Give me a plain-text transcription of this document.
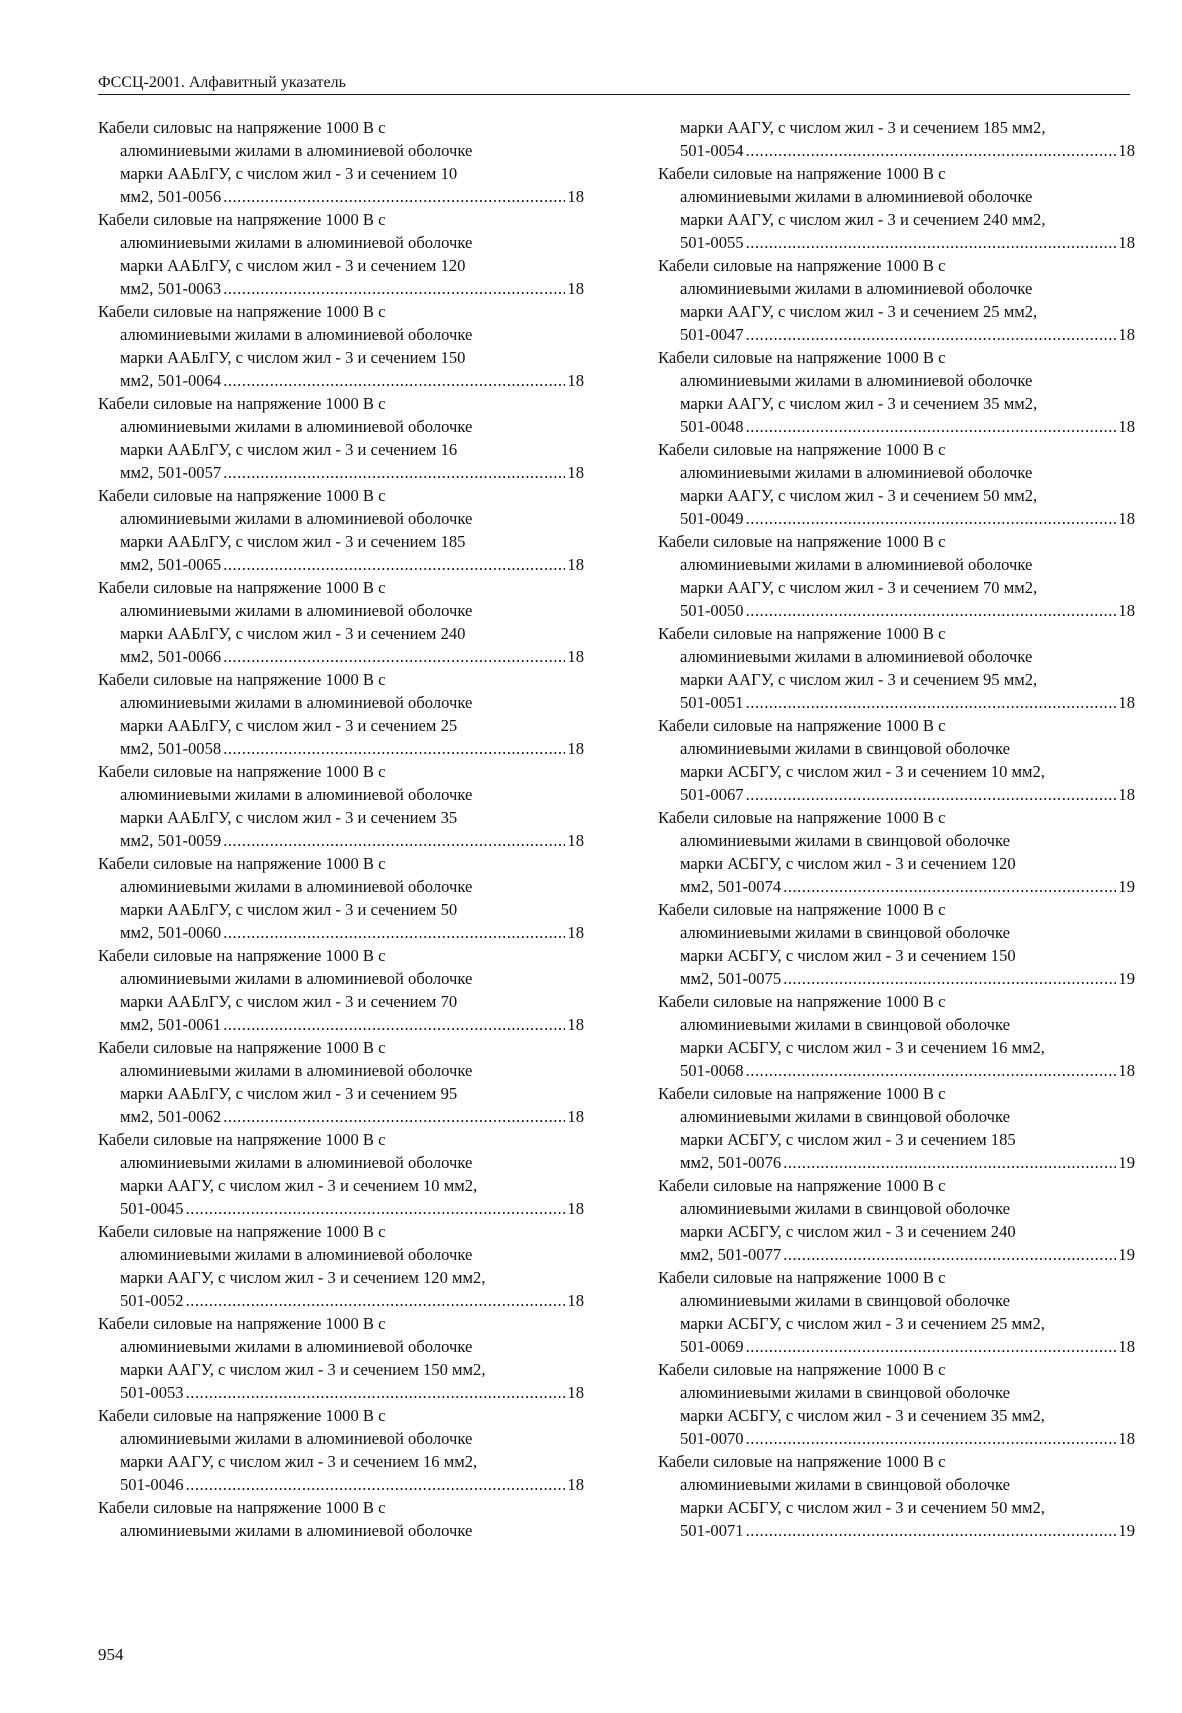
ФССЦ-2001. Алфавитный указатель
Кабели силовыс на напряжение 1000 В с
алюминиевыми жилами в алюминиевой оболочке
марки ААБлГУ, с числом жил - 3 и сечением 10
мм2, 501-0056 .....	18
Кабели силовые на напряжение 1000 В с
алюминиевыми жилами в алюминиевой оболочке
марки ААБлГУ, с числом жил - 3 и сечением 120
мм2, 501-0063 .....	18
Кабели силовые на напряжение 1000 В с
алюминиевыми жилами в алюминиевой оболочке
марки ААБлГУ, с числом жил - 3 и сечением 150
мм2, 501-0064 .....	18
Кабели силовые на напряжение 1000 В с
алюминиевыми жилами в алюминиевой оболочке
марки ААБлГУ, с числом жил - 3 и сечением 16
мм2, 501-0057 .....	18
Кабели силовые на напряжение 1000 В с
алюминиевыми жилами в алюминиевой оболочке
марки ААБлГУ, с числом жил - 3 и сечением 185
мм2, 501-0065 .....	18
Кабели силовые на напряжение 1000 В с
алюминиевыми жилами в алюминиевой оболочке
марки ААБлГУ, с числом жил - 3 и сечением 240
мм2, 501-0066 .....	18
Кабели силовые на напряжение 1000 В с
алюминиевыми жилами в алюминиевой оболочке
марки ААБлГУ, с числом жил - 3 и сечением 25
мм2, 501-0058 .....	18
Кабели силовые на напряжение 1000 В с
алюминиевыми жилами в алюминиевой оболочке
марки ААБлГУ, с числом жил - 3 и сечением 35
мм2, 501-0059 .....	18
Кабели силовые на напряжение 1000 В с
алюминиевыми жилами в алюминиевой оболочке
марки ААБлГУ, с числом жил - 3 и сечением 50
мм2, 501-0060 .....	18
Кабели силовые на напряжение 1000 В с
алюминиевыми жилами в алюминиевой оболочке
марки ААБлГУ, с числом жил - 3 и сечением 70
мм2, 501-0061 .....	18
Кабели силовые на напряжение 1000 В с
алюминиевыми жилами в алюминиевой оболочке
марки ААБлГУ, с числом жил - 3 и сечением 95
мм2, 501-0062 .....	18
Кабели силовые на напряжение 1000 В с
алюминиевыми жилами в алюминиевой оболочке
марки ААГУ, с числом жил - 3 и сечением 10 мм2,
501-0045 .....	18
Кабели силовые на напряжение 1000 В с
алюминиевыми жилами в алюминиевой оболочке
марки ААГУ, с числом жил - 3 и сечением 120 мм2,
501-0052 .....	18
Кабели силовые на напряжение 1000 В с
алюминиевыми жилами в алюминиевой оболочке
марки ААГУ, с числом жил - 3 и сечением 150 мм2,
501-0053 .....	18
Кабели силовые на напряжение 1000 В с
алюминиевыми жилами в алюминиевой оболочке
марки ААГУ, с числом жил - 3 и сечением 16 мм2,
501-0046 .....	18
Кабели силовые на напряжение 1000 В с
алюминиевыми жилами в алюминиевой оболочке
марки ААГУ, с числом жил - 3 и сечением 185 мм2,
501-0054 .....	18
Кабели силовые на напряжение 1000 В с
алюминиевыми жилами в алюминиевой оболочке
марки ААГУ, с числом жил - 3 и сечением 240 мм2,
501-0055 .....	18
Кабели силовые на напряжение 1000 В с
алюминиевыми жилами в алюминиевой оболочке
марки ААГУ, с числом жил - 3 и сечением 25 мм2,
501-0047 .....	18
Кабели силовые на напряжение 1000 В с
алюминиевыми жилами в алюминиевой оболочке
марки ААГУ, с числом жил - 3 и сечением 35 мм2,
501-0048 .....	18
Кабели силовые на напряжение 1000 В с
алюминиевыми жилами в алюминиевой оболочке
марки ААГУ, с числом жил - 3 и сечением 50 мм2,
501-0049 .....	18
Кабели силовые на напряжение 1000 В с
алюминиевыми жилами в алюминиевой оболочке
марки ААГУ, с числом жил - 3 и сечением 70 мм2,
501-0050 .....	18
Кабели силовые на напряжение 1000 В с
алюминиевыми жилами в алюминиевой оболочке
марки ААГУ, с числом жил - 3 и сечением 95 мм2,
501-0051 .....	18
Кабели силовые на напряжение 1000 В с
алюминиевыми жилами в свинцовой оболочке
марки АСБГУ, с числом жил - 3 и сечением 10 мм2,
501-0067 .....	18
Кабели силовые на напряжение 1000 В с
алюминиевыми жилами в свинцовой оболочке
марки АСБГУ, с числом жил - 3 и сечением 120
мм2, 501-0074 .....	19
Кабели силовые на напряжение 1000 В с
алюминиевыми жилами в свинцовой оболочке
марки АСБГУ, с числом жил - 3 и сечением 150
мм2, 501-0075 .....	19
Кабели силовые на напряжение 1000 В с
алюминиевыми жилами в свинцовой оболочке
марки АСБГУ, с числом жил - 3 и сечением 16 мм2,
501-0068 .....	18
Кабели силовые на напряжение 1000 В с
алюминиевыми жилами в свинцовой оболочке
марки АСБГУ, с числом жил - 3 и сечением 185
мм2, 501-0076 .....	19
Кабели силовые на напряжение 1000 В с
алюминиевыми жилами в свинцовой оболочке
марки АСБГУ, с числом жил - 3 и сечением 240
мм2, 501-0077 .....	19
Кабели силовые на напряжение 1000 В с
алюминиевыми жилами в свинцовой оболочке
марки АСБГУ, с числом жил - 3 и сечением 25 мм2,
501-0069 .....	18
Кабели силовые на напряжение 1000 В с
алюминиевыми жилами в свинцовой оболочке
марки АСБГУ, с числом жил - 3 и сечением 35 мм2,
501-0070 .....	18
Кабели силовые на напряжение 1000 В с
алюминиевыми жилами в свинцовой оболочке
марки АСБГУ, с числом жил - 3 и сечением 50 мм2,
501-0071 .....	19
954
